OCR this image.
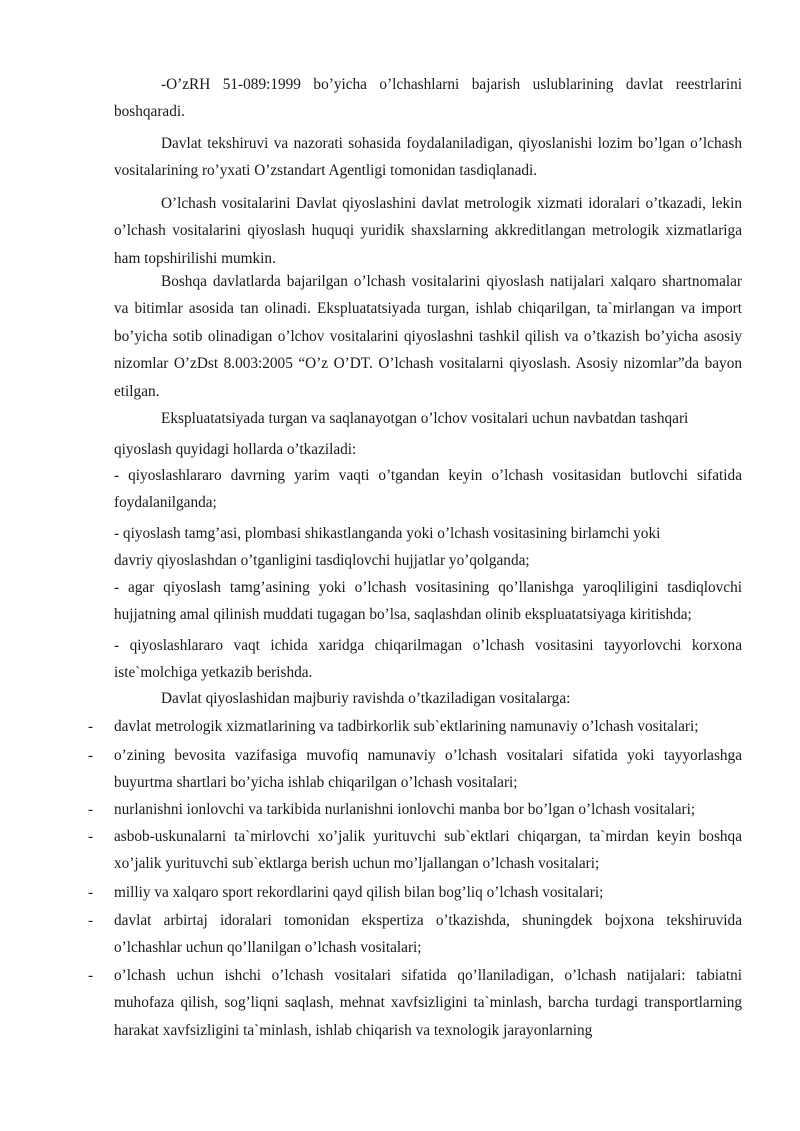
-O’zRH 51-089:1999 bo’yicha o’lchashlarni bajarish uslublarining davlat reestrlarini boshqaradi.

Davlat tekshiruvi va nazorati sohasida foydalaniladigan, qiyoslanishi lozim bo’lgan o’lchash vositalarining ro’yxati O’zstandart Agentligi tomonidan tasdiqlanadi.

O’lchash vositalarini Davlat qiyoslashini davlat metrologik xizmati idoralari o’tkazadi, lekin o’lchash vositalarini qiyoslash huquqi yuridik shaxslarning akkreditlangan metrologik xizmatlariga ham topshirilishi mumkin.

Boshqa davlatlarda bajarilgan o’lchash vositalarini qiyoslash natijalari xalqaro shartnomalar va bitimlar asosida tan olinadi. Ekspluatatsiyada turgan, ishlab chiqarilgan, ta`mirlangan va import bo’yicha sotib olinadigan o’lchov vositalarini qiyoslashni tashkil qilish va o’tkazish bo’yicha asosiy nizomlar O’zDst 8.003:2005 “O’z O’DT. O’lchash vositalarni qiyoslash. Asosiy nizomlar”da bayon etilgan.

Ekspluatatsiyada turgan va saqlanayotgan o’lchov vositalari uchun navbatdan tashqari

qiyoslash quyidagi hollarda o’tkaziladi:

- qiyoslashlararo davrning yarim vaqti o’tgandan keyin o’lchash vositasidan butlovchi sifatida foydalanilganda;

- qiyoslash tamg’asi, plombasi shikastlanganda yoki o’lchash vositasining birlamchi yoki

davriy qiyoslashdan o’tganligini tasdiqlovchi hujjatlar yo’qolganda;

- agar qiyoslash tamg’asining yoki o’lchash vositasining qo’llanishga yaroqliligini tasdiqlovchi hujjatning amal qilinish muddati tugagan bo’lsa, saqlashdan olinib ekspluatatsiyaga kiritishda;

- qiyoslashlararo vaqt ichida xaridga chiqarilmagan o’lchash vositasini tayyorlovchi korxona iste`molchiga yetkazib berishda.

Davlat qiyoslashidan majburiy ravishda o’tkaziladigan vositalarga:

-	davlat metrologik xizmatlarining va tadbirkorlik sub`ektlarining namunaviy o’lchash vositalari;

-	o’zining bevosita vazifasiga muvofiq namunaviy o’lchash vositalari sifatida yoki tayyorlashga buyurtma shartlari bo’yicha ishlab chiqarilgan o’lchash vositalari;

-	nurlanishni ionlovchi va tarkibida nurlanishni ionlovchi manba bor bo’lgan o’lchash vositalari;

-	asbob-uskunalarni ta`mirlovchi xo’jalik yurituvchi sub`ektlari chiqargan, ta`mirdan keyin boshqa xo’jalik yurituvchi sub`ektlarga berish uchun mo’ljallangan o’lchash vositalari;

-	milliy va xalqaro sport rekordlarini qayd qilish bilan bog’liq o’lchash vositalari;

-	davlat arbirtaj idoralari tomonidan ekspertiza o’tkazishda, shuningdek bojxona tekshiruvida o’lchashlar uchun qo’llanilgan o’lchash vositalari;

-	o’lchash uchun ishchi o’lchash vositalari sifatida qo’llaniladigan, o’lchash natijalari: tabiatni muhofaza qilish, sog’liqni saqlash, mehnat xavfsizligini ta`minlash, barcha turdagi transportlarning harakat xavfsizligini ta`minlash, ishlab chiqarish va texnologik jarayonlarning
